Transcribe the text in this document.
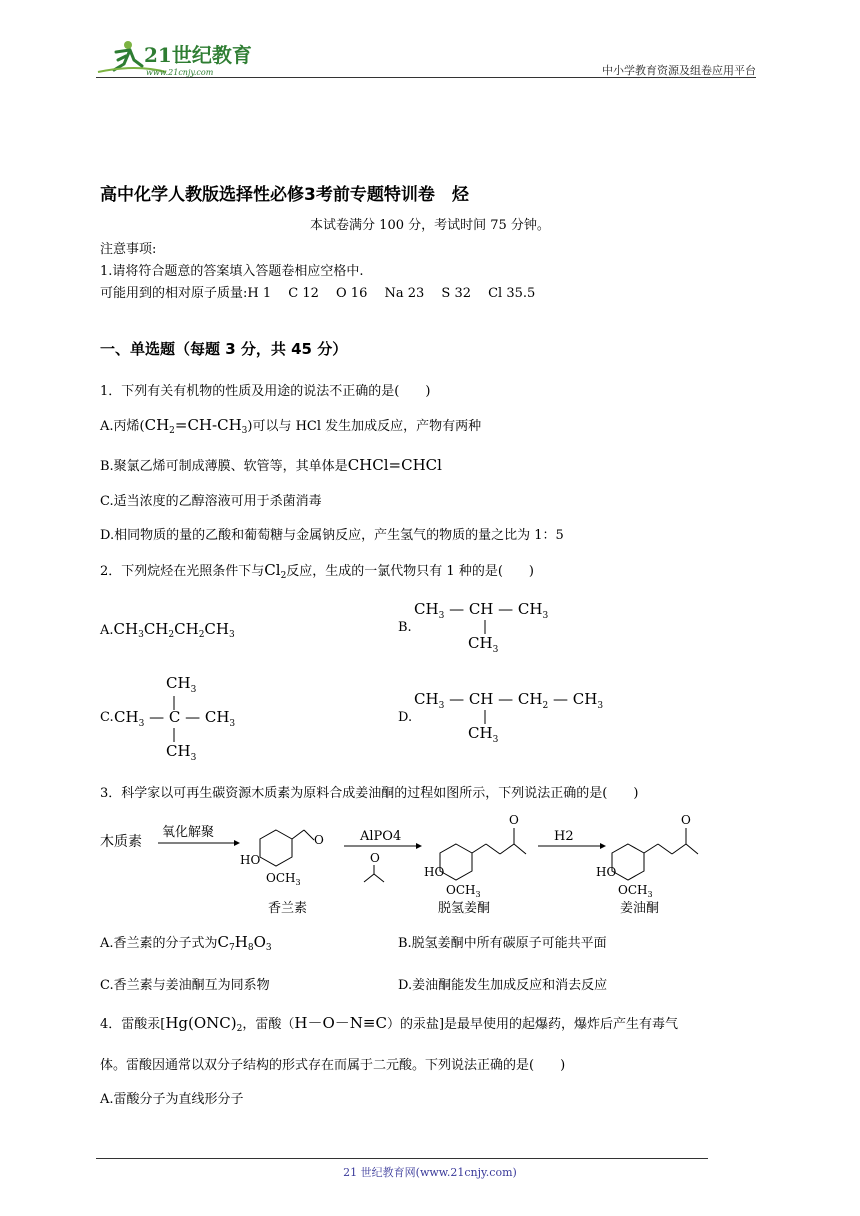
21世纪教育
www.21cnjy.com	中小学教育资源及组卷应用平台
高中化学人教版选择性必修3考前专题特训卷　烃
本试卷满分 100 分，考试时间 75 分钟。
注意事项:
1.请将符合题意的答案填入答题卷相应空格中.
可能用到的相对原子质量:H 1　 C 12　 O 16　 Na 23　 S 32　 Cl 35.5
一、单选题（每题 3 分，共 45 分）
1．下列有关有机物的性质及用途的说法不正确的是(　　)
A.丙烯$(CH_2=CH-CH_3)$可以与 HCl 发生加成反应，产物有两种
B.聚氯乙烯可制成薄膜、软管等，其单体是CHCl=CHCl
C.适当浓度的乙醇溶液可用于杀菌消毒
D.相同物质的量的乙酸和葡萄糖与金属钠反应，产生氢气的物质的量之比为 1：5
2．下列烷烃在光照条件下与$Cl_2$反应，生成的一氯代物只有 1 种的是(　　)
$A.CH_3CH_2CH_2CH_3$	B.
$CH_3$ — CH — $CH_3$
$CH_3$
C.
$CH_3$
$CH_3$ — C — $CH_3$
$CH_3$
D.
$CH_3$ — CH — $CH_2$ — $CH_3$
$CH_3$
3．科学家以可再生碳资源木质素为原料合成姜油酮的过程如图所示，下列说法正确的是(　　)
木质素
氧化解聚	O
HO
$OCH_3$
香兰素
AlPO4
O
O
HO
$OCH_3$
脱氢姜酮
H2
O
HO
$OCH_3$
姜油酮
A.香兰素的分子式为$C_7H_8O_3$	B.脱氢姜酮中所有碳原子可能共平面
C.香兰素与姜油酮互为同系物	D.姜油酮能发生加成反应和消去反应
4．雷酸汞[$Hg(ONC)_2$，雷酸（H－O－N≡C）的汞盐]是最早使用的起爆药，爆炸后产生有毒气
体。雷酸因通常以双分子结构的形式存在而属于二元酸。下列说法正确的是(　　)
A.雷酸分子为直线形分子
21 世纪教育网(www.21cnjy.com)
